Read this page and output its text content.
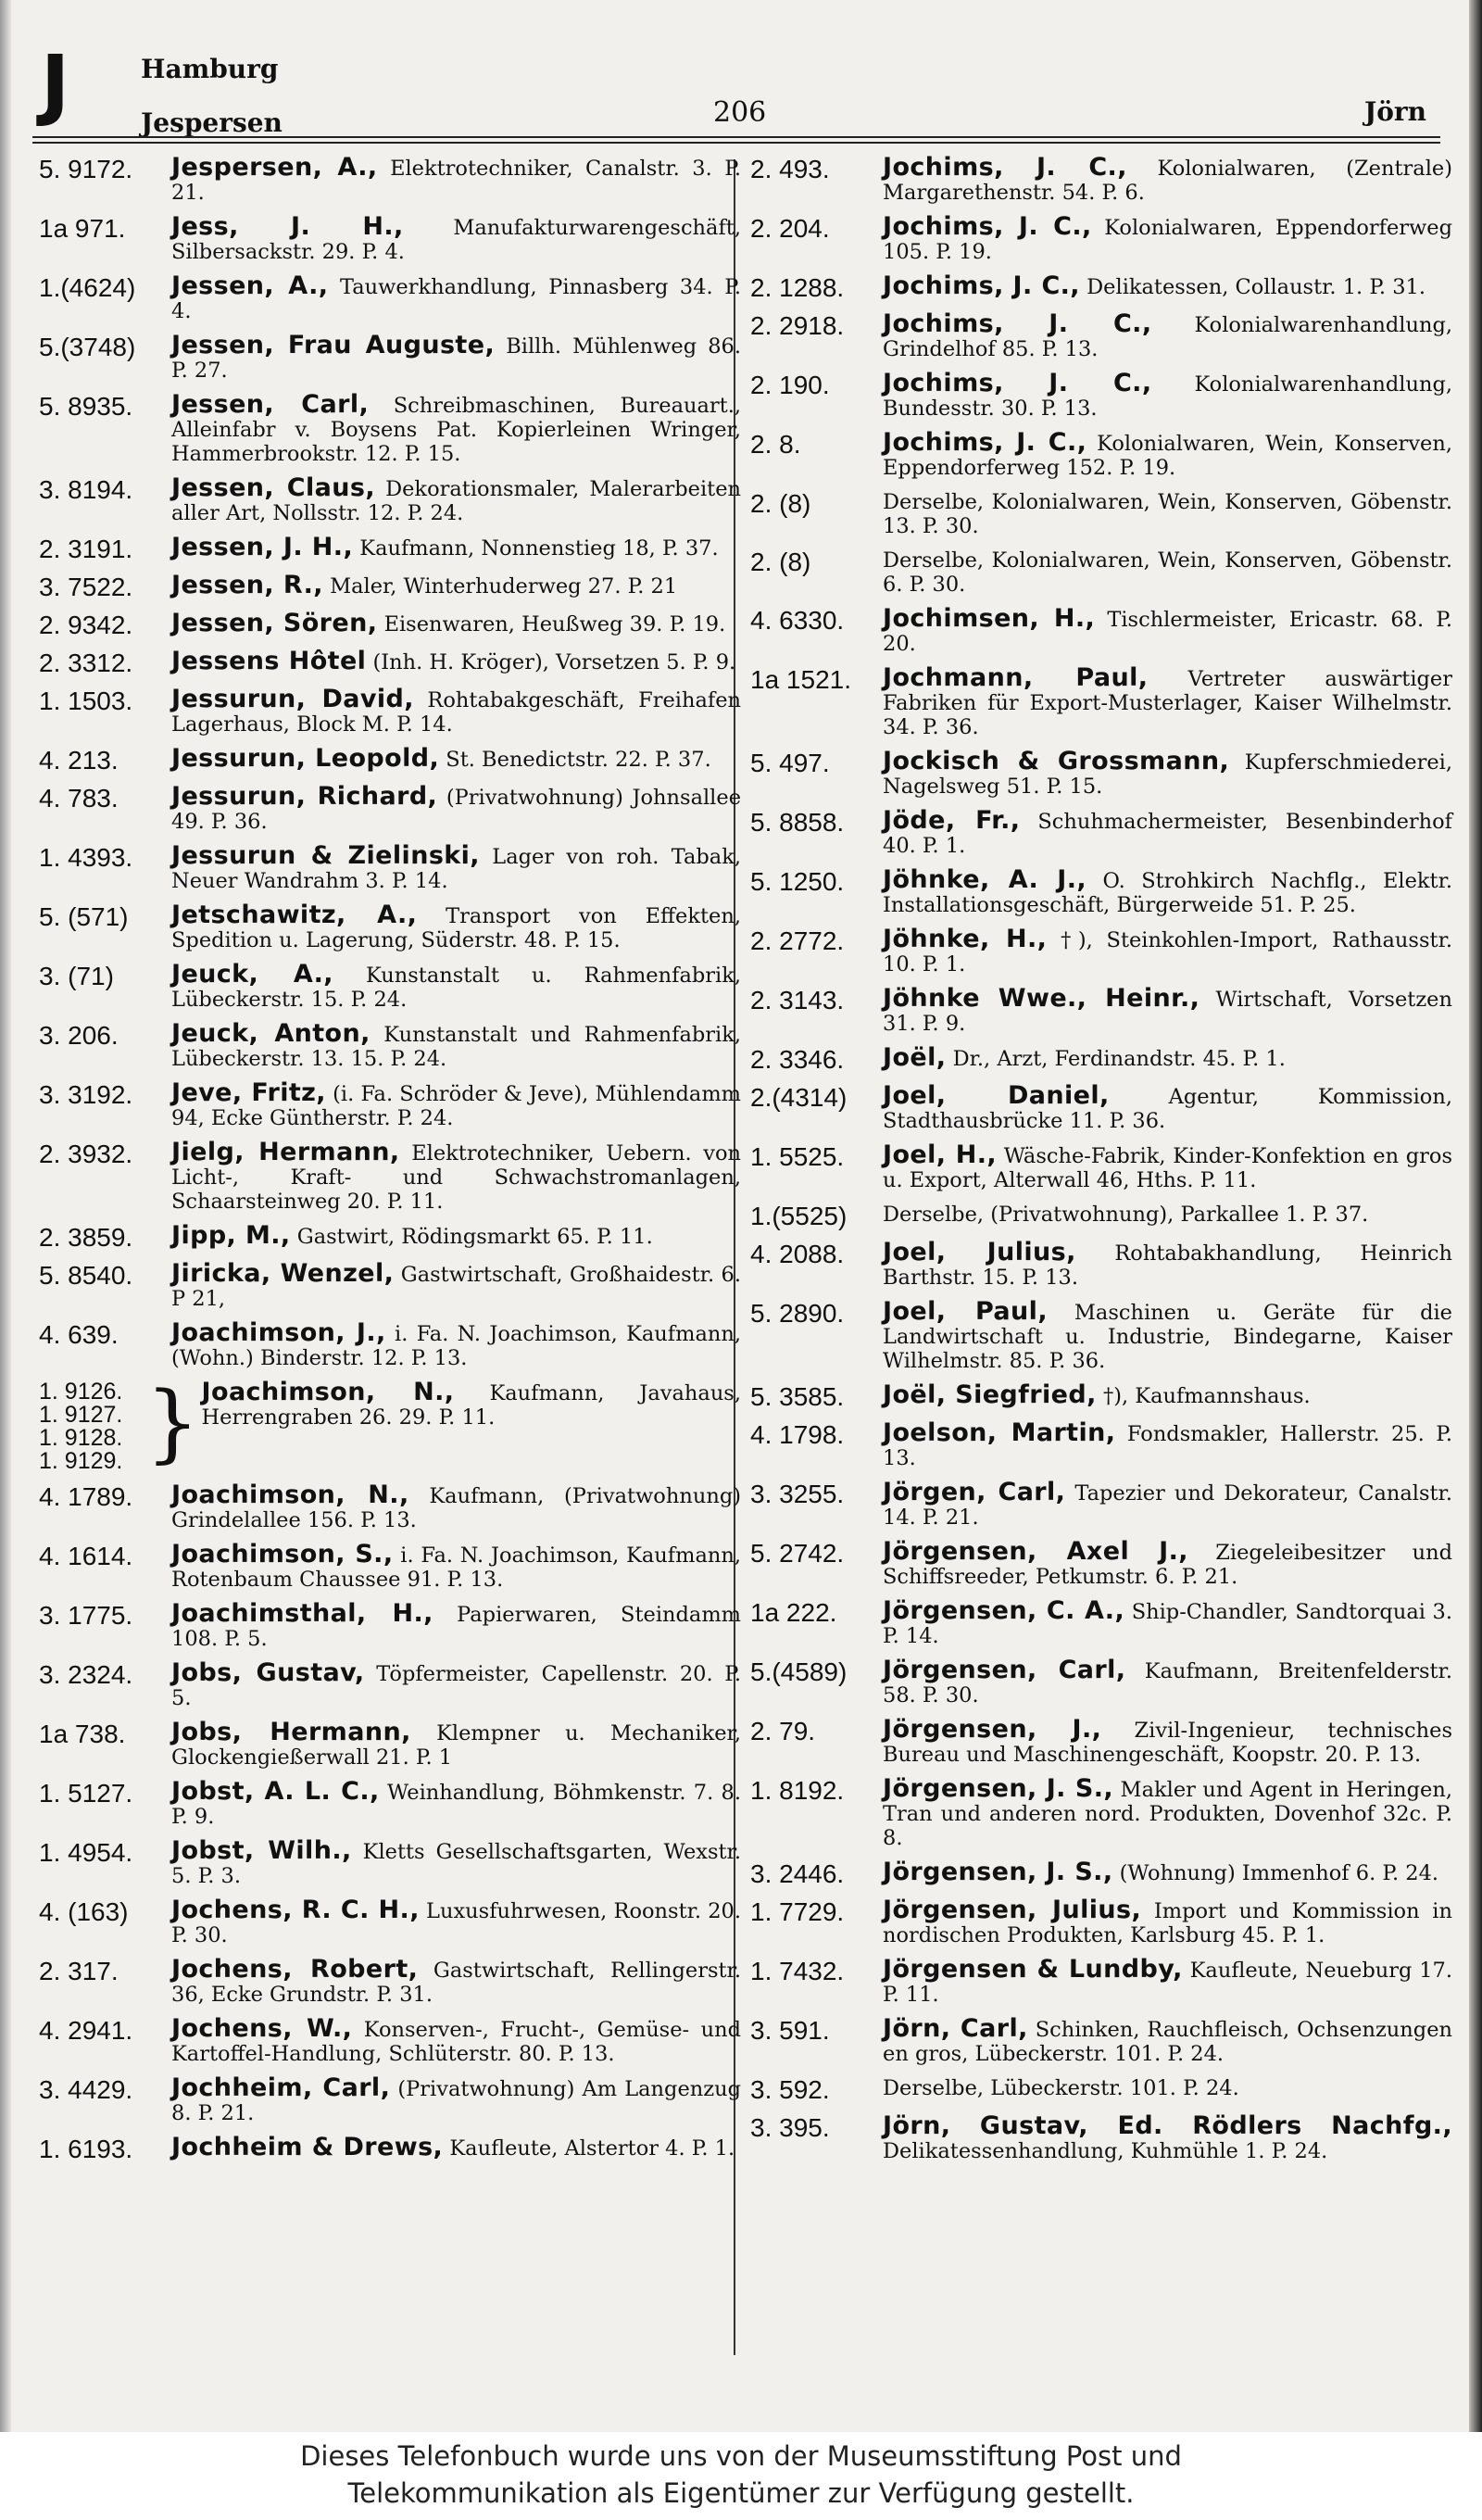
J	Hamburg
Jespersen	206	Jörn
5. 9172.	Jespersen, A., Elektrotechniker, Canalstr. 3. P. 21.
1a 971.	Jess, J. H., Manufakturwarengeschäft, Silbersackstr. 29. P. 4.
1.(4624)	Jessen, A., Tauwerkhandlung, Pinnasberg 34. P. 4.
5.(3748)	Jessen, Frau Auguste, Billh. Mühlenweg 86. P. 27.
5. 8935.	Jessen, Carl, Schreibmaschinen, Bureauart., Alleinfabr v. Boysens Pat. Kopierleinen Wringer, Hammerbrookstr. 12. P. 15.
3. 8194.	Jessen, Claus, Dekorationsmaler, Malerarbeiten aller Art, Nollsstr. 12. P. 24.
2. 3191.	Jessen, J. H., Kaufmann, Nonnenstieg 18, P. 37.
3. 7522.	Jessen, R., Maler, Winterhuderweg 27. P. 21
2. 9342.	Jessen, Sören, Eisenwaren, Heußweg 39. P. 19.
2. 3312.	Jessens Hôtel (Inh. H. Kröger), Vorsetzen 5. P. 9.
1. 1503.	Jessurun, David, Rohtabakgeschäft, Freihafen Lagerhaus, Block M. P. 14.
4. 213.	Jessurun, Leopold, St. Benedictstr. 22. P. 37.
4. 783.	Jessurun, Richard, (Privatwohnung) Johnsallee 49. P. 36.
1. 4393.	Jessurun & Zielinski, Lager von roh. Tabak, Neuer Wandrahm 3. P. 14.
5. (571)	Jetschawitz, A., Transport von Effekten, Spedition u. Lagerung, Süderstr. 48. P. 15.
3. (71)	Jeuck, A., Kunstanstalt u. Rahmenfabrik, Lübeckerstr. 15. P. 24.
3. 206.	Jeuck, Anton, Kunstanstalt und Rahmenfabrik, Lübeckerstr. 13. 15. P. 24.
3. 3192.	Jeve, Fritz, (i. Fa. Schröder & Jeve), Mühlendamm 94, Ecke Güntherstr. P. 24.
2. 3932.	Jielg, Hermann, Elektrotechniker, Uebern. von Licht-, Kraft- und Schwachstromanlagen, Schaarsteinweg 20. P. 11.
2. 3859.	Jipp, M., Gastwirt, Rödingsmarkt 65. P. 11.
5. 8540.	Jiricka, Wenzel, Gastwirtschaft, Großhaidestr. 6. P 21,
4. 639.	Joachimson, J., i. Fa. N. Joachimson, Kaufmann, (Wohn.) Binderstr. 12. P. 13.
1. 9126.
1. 9127.
1. 9128.
1. 9129. } Joachimson, N., Kaufmann, Javahaus, Herrengraben 26. 29. P. 11.
4. 1789.	Joachimson, N., Kaufmann, (Privatwohnung) Grindelallee 156. P. 13.
4. 1614.	Joachimson, S., i. Fa. N. Joachimson, Kaufmann, Rotenbaum Chaussee 91. P. 13.
3. 1775.	Joachimsthal, H., Papierwaren, Steindamm 108. P. 5.
3. 2324.	Jobs, Gustav, Töpfermeister, Capellenstr. 20. P. 5.
1a 738.	Jobs, Hermann, Klempner u. Mechaniker, Glockengießerwall 21. P. 1
1. 5127.	Jobst, A. L. C., Weinhandlung, Böhmkenstr. 7. 8. P. 9.
1. 4954.	Jobst, Wilh., Kletts Gesellschaftsgarten, Wexstr. 5. P. 3.
4. (163)	Jochens, R. C. H., Luxusfuhrwesen, Roonstr. 20. P. 30.
2. 317.	Jochens, Robert, Gastwirtschaft, Rellingerstr. 36, Ecke Grundstr. P. 31.
4. 2941.	Jochens, W., Konserven-, Frucht-, Gemüse- und Kartoffel-Handlung, Schlüterstr. 80. P. 13.
3. 4429.	Jochheim, Carl, (Privatwohnung) Am Langenzug 8. P. 21.
1. 6193.	Jochheim & Drews, Kaufleute, Alstertor 4. P. 1.
2. 493.	Jochims, J. C., Kolonialwaren, (Zentrale) Margarethenstr. 54. P. 6.
2. 204.	Jochims, J. C., Kolonialwaren, Eppendorferweg 105. P. 19.
2. 1288.	Jochims, J. C., Delikatessen, Collaustr. 1. P. 31.
2. 2918.	Jochims, J. C., Kolonialwarenhandlung, Grindelhof 85. P. 13.
2. 190.	Jochims, J. C., Kolonialwarenhandlung, Bundesstr. 30. P. 13.
2. 8.	Jochims, J. C., Kolonialwaren, Wein, Konserven, Eppendorferweg 152. P. 19.
2. (8)	Derselbe, Kolonialwaren, Wein, Konserven, Göbenstr. 13. P. 30.
2. (8)	Derselbe, Kolonialwaren, Wein, Konserven, Göbenstr. 6. P. 30.
4. 6330.	Jochimsen, H., Tischlermeister, Ericastr. 68. P. 20.
1a 1521.	Jochmann, Paul, Vertreter auswärtiger Fabriken für Export-Musterlager, Kaiser Wilhelmstr. 34. P. 36.
5. 497.	Jockisch & Grossmann, Kupferschmiederei, Nagelsweg 51. P. 15.
5. 8858.	Jöde, Fr., Schuhmachermeister, Besenbinderhof 40. P. 1.
5. 1250.	Jöhnke, A. J., O. Strohkirch Nachflg., Elektr. Installationsgeschäft, Bürgerweide 51. P. 25.
2. 2772.	Jöhnke, H., †), Steinkohlen-Import, Rathausstr. 10. P. 1.
2. 3143.	Jöhnke Wwe., Heinr., Wirtschaft, Vorsetzen 31. P. 9.
2. 3346.	Joël, Dr., Arzt, Ferdinandstr. 45. P. 1.
2.(4314)	Joel, Daniel,	Agentur, Kommission, Stadthausbrücke 11. P. 36.
1. 5525.	Joel, H., Wäsche-Fabrik, Kinder-Konfektion en gros u. Export, Alterwall 46, Hths. P. 11.
1.(5525)	Derselbe, (Privatwohnung), Parkallee 1. P. 37.
4. 2088.	Joel, Julius, Rohtabakhandlung, Heinrich Barthstr. 15. P. 13.
5. 2890.	Joel, Paul, Maschinen u. Geräte für die Landwirtschaft u. Industrie, Bindegarne, Kaiser Wilhelmstr. 85. P. 36.
5. 3585.	Joël, Siegfried, †), Kaufmannshaus.
4. 1798.	Joelson, Martin, Fondsmakler, Hallerstr. 25. P. 13.
3. 3255.	Jörgen, Carl, Tapezier und Dekorateur, Canalstr. 14. P. 21.
5. 2742.	Jörgensen, Axel J., Ziegeleibesitzer und Schiffsreeder, Petkumstr. 6. P. 21.
1a 222.	Jörgensen, C. A., Ship-Chandler, Sandtorquai 3. P. 14.
5.(4589)	Jörgensen, Carl, Kaufmann, Breitenfelderstr. 58. P. 30.
2. 79.	Jörgensen, J., Zivil-Ingenieur, technisches Bureau und Maschinengeschäft, Koopstr. 20. P. 13.
1. 8192.	Jörgensen, J. S., Makler und Agent in Heringen, Tran und anderen nord. Produkten, Dovenhof 32c. P. 8.
3. 2446.	Jörgensen, J. S., (Wohnung) Immenhof 6. P. 24.
1. 7729.	Jörgensen, Julius, Import und Kommission in nordischen Produkten, Karlsburg 45. P. 1.
1. 7432.	Jörgensen & Lundby, Kaufleute, Neueburg 17. P. 11.
3. 591.	Jörn, Carl, Schinken, Rauchfleisch, Ochsenzungen en gros, Lübeckerstr. 101. P. 24.
3. 592.	Derselbe, Lübeckerstr. 101. P. 24.
3. 395.	Jörn, Gustav, Ed. Rödlers Nachfg., Delikatessenhandlung, Kuhmühle 1. P. 24.
Dieses Telefonbuch wurde uns von der Museumsstiftung Post und
Telekommunikation als Eigentümer zur Verfügung gestellt.
